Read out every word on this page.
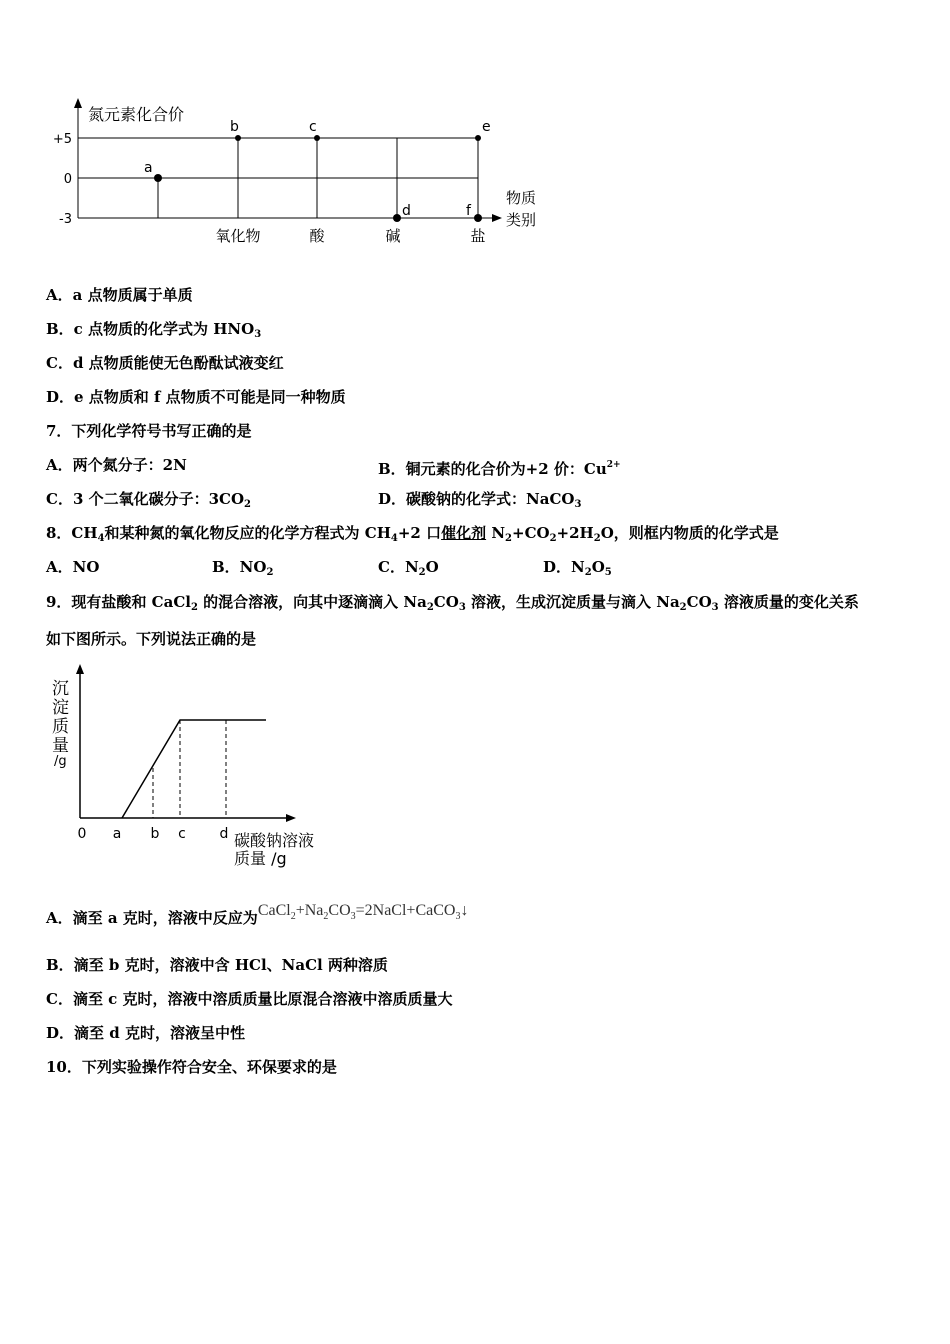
氮元素化合价
+5
0
-3
a
b	c
d
e
f
氧化物	酸	碱	盐
物质
类别
A．a 点物质属于单质
B．c 点物质的化学式为 $HNO_3$
C．d 点物质能使无色酚酞试液变红
D．e 点物质和 f 点物质不可能是同一种物质
7．下列化学符号书写正确的是
A．两个氮分子：2N	B．铜元素的化合价为+2 价：$Cu^{2+}$
C．3 个二氧化碳分子：$3CO_2$	D．碳酸钠的化学式：NaCO$_3$
8．$CH_4$和某种氮的氧化物反应的化学方程式为 $CH_4+2$ 口催化剂 $N_2+CO_2+2H_2O$，则框内物质的化学式是
A．NO	B．$NO_2$	C．$N_2O$	D．$N_2O_5$
9．现有盐酸和 CaCl$_2$ 的混合溶液，向其中逐滴滴入 $Na_2CO_3$ 溶液，生成沉淀质量与滴入 $Na_2CO_3$ 溶液质量的变化关系
如下图所示。下列说法正确的是
沉
淀
质
量
/g
0 a b c d 碳酸钠溶液
质量 /g
A．滴至 a 克时，溶液中反应为$CaCl_2+Na_2CO_3=2NaCl+CaCO_3↓$
B．滴至 b 克时，溶液中含 HCl、NaCl 两种溶质
C．滴至 c 克时，溶液中溶质质量比原混合溶液中溶质质量大
D．滴至 d 克时，溶液呈中性
10．下列实验操作符合安全、环保要求的是
